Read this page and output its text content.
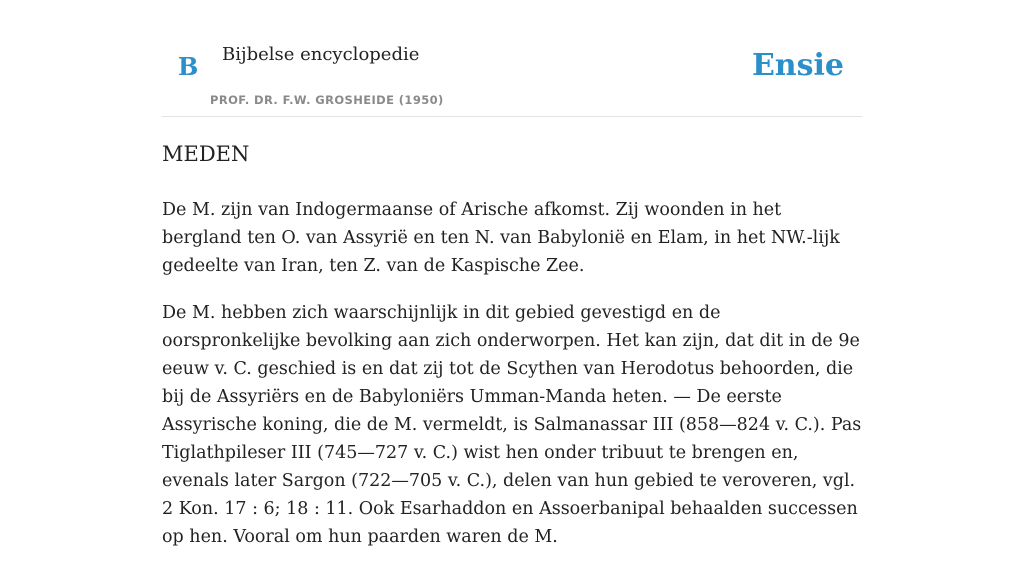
B Bijbelse encyclopedie
PROF. DR. F.W. GROSHEIDE (1950)
Ensie
MEDEN

De M. zijn van Indogermaanse of Arische afkomst. Zij woonden in het bergland ten O. van Assyrië en ten N. van Babylonië en Elam, in het NW.-lijk gedeelte van Iran, ten Z. van de Kaspische Zee.

De M. hebben zich waarschijnlijk in dit gebied gevestigd en de oorspronkelijke bevolking aan zich onderworpen. Het kan zijn, dat dit in de 9e eeuw v. C. geschied is en dat zij tot de Scythen van Herodotus behoorden, die bij de Assyriërs en de Babyloniërs Umman-Manda heten. — De eerste Assyrische koning, die de M. vermeldt, is Salmanassar III (858—824 v. C.). Pas Tiglathpileser III (745—727 v. C.) wist hen onder tribuut te brengen en, evenals later Sargon (722—705 v. C.), delen van hun gebied te veroveren, vgl. 2 Kon. 17 : 6; 18 : 11. Ook Esarhaddon en Assoerbanipal behaalden successen op hen. Vooral om hun paarden waren de M.
